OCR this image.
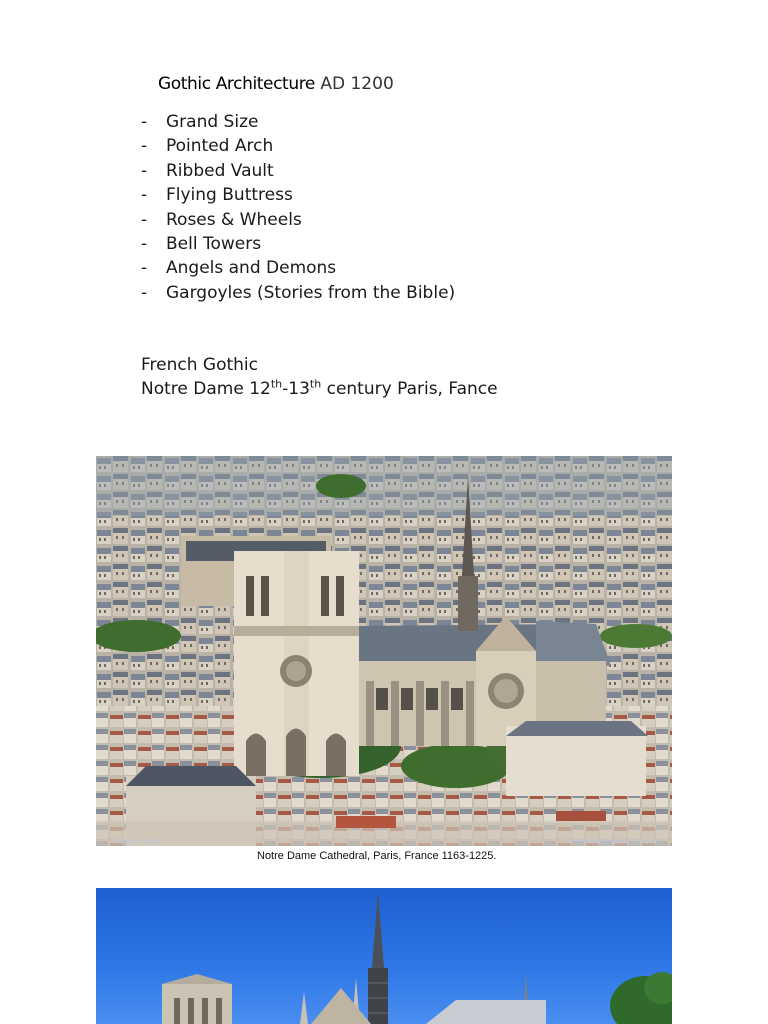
Gothic Architecture AD 1200
- Grand Size
- Pointed Arch
- Ribbed Vault
- Flying Buttress
- Roses & Wheels
- Bell Towers
- Angels and Demons
- Gargoyles (Stories from the Bible)
French Gothic
Notre Dame 12th-13th century Paris, Fance
Photo: Bjoe	FreeWallpapersPix.com
Notre Dame Cathedral, Paris, France 1163-1225.
